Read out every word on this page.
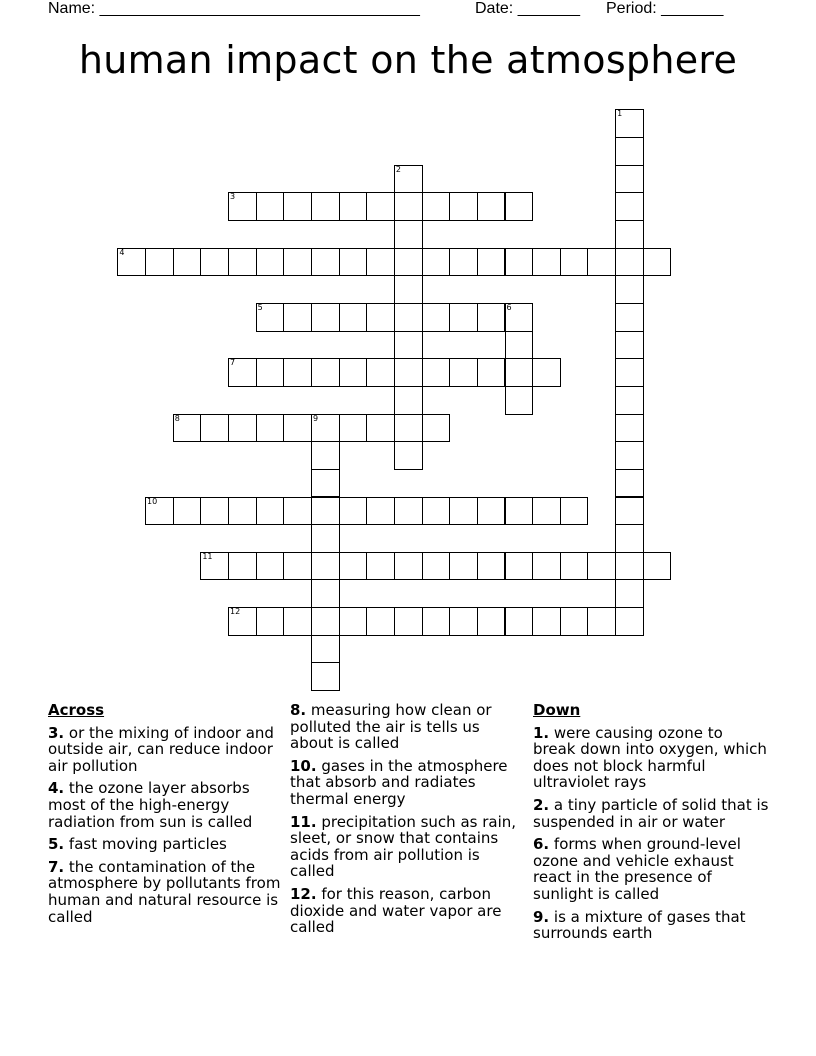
Name: ____________________________________	Date: _______ Period: _______
human impact on the atmosphere
1
2
3
4
5	6
7
8	9
10
11
12
Across
3. or the mixing of indoor and outside air, can reduce indoor air pollution
4. the ozone layer absorbs most of the high-energy radiation from sun is called
5. fast moving particles
7. the contamination of the atmosphere by pollutants from human and natural resource is called
8. measuring how clean or polluted the air is tells us about is called
10. gases in the atmosphere that absorb and radiates thermal energy
11. precipitation such as rain, sleet, or snow that contains acids from air pollution is called
12. for this reason, carbon dioxide and water vapor are called
Down
1. were causing ozone to break down into oxygen, which does not block harmful ultraviolet rays
2. a tiny particle of solid that is suspended in air or water
6. forms when ground-level ozone and vehicle exhaust react in the presence of sunlight is called
9. is a mixture of gases that surrounds earth
